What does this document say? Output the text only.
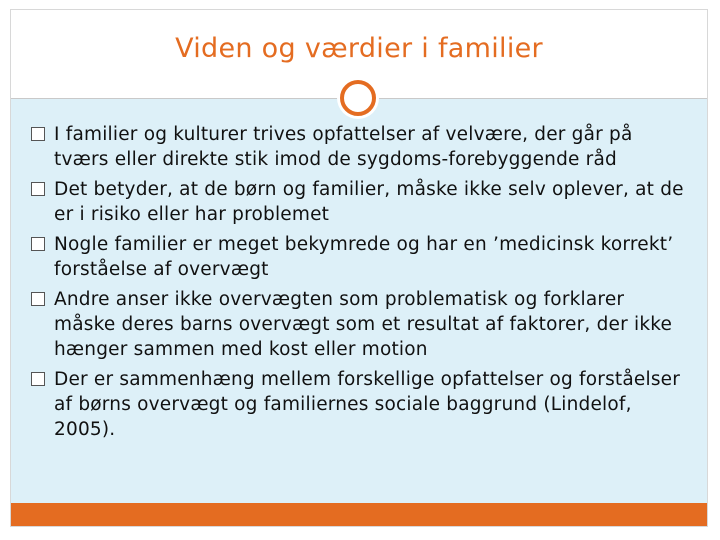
Viden og værdier i familier
I familier og kulturer trives opfattelser af velvære, der går på tværs eller direkte stik imod de sygdoms-forebyggende råd
Det betyder, at de børn og familier, måske ikke selv oplever, at de er i risiko eller har problemet
Nogle familier er meget bekymrede og har en ’medicinsk korrekt’ forståelse af overvægt
Andre anser ikke overvægten som problematisk og forklarer måske deres barns overvægt som et resultat af faktorer, der ikke hænger sammen med kost eller motion
Der er sammenhæng mellem forskellige opfattelser og forståelser af børns overvægt og familiernes sociale baggrund (Lindelof, 2005).
